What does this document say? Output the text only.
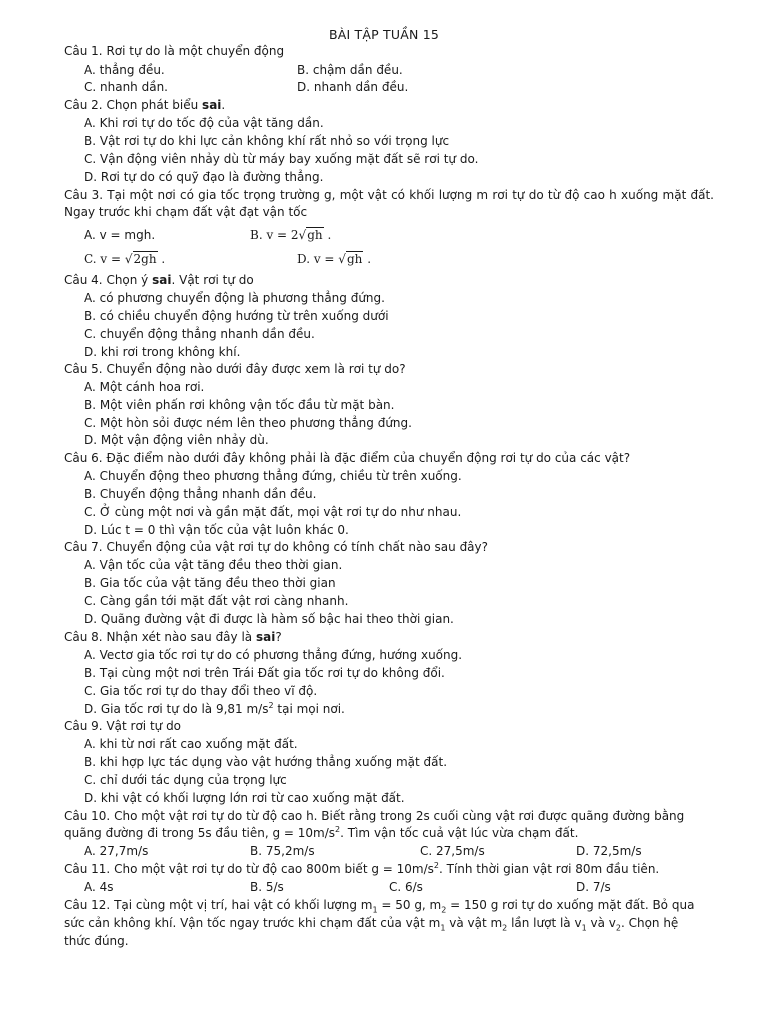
BÀI TẬP TUẦN 15
Câu 1. Rơi tự do là một chuyển động
A. thẳng đều.	B. chậm dần đều.
C. nhanh dần.	D. nhanh dần đều.
Câu 2. Chọn phát biểu sai.
A. Khi rơi tự do tốc độ của vật tăng dần.
B. Vật rơi tự do khi lực cản không khí rất nhỏ so với trọng lực
C. Vận động viên nhảy dù từ máy bay xuống mặt đất sẽ rơi tự do.
D. Rơi tự do có quỹ đạo là đường thẳng.
Câu 3. Tại một nơi có gia tốc trọng trường g, một vật có khối lượng m rơi tự do từ độ cao h xuống mặt đất. Ngay trước khi chạm đất vật đạt vận tốc
A. v = mgh.	B. v = 2√gh .
C. v = √2gh .	D. v = √gh .
Câu 4. Chọn ý sai. Vật rơi tự do
A. có phương chuyển động là phương thẳng đứng.
B. có chiều chuyển động hướng từ trên xuống dưới
C. chuyển động thẳng nhanh dần đều.
D. khi rơi trong không khí.
Câu 5. Chuyển động nào dưới đây được xem là rơi tự do?
A. Một cánh hoa rơi.
B. Một viên phấn rơi không vận tốc đầu từ mặt bàn.
C. Một hòn sỏi được ném lên theo phương thẳng đứng.
D. Một vận động viên nhảy dù.
Câu 6. Đặc điểm nào dưới đây không phải là đặc điểm của chuyển động rơi tự do của các vật?
A. Chuyển động theo phương thẳng đứng, chiều từ trên xuống.
B. Chuyển động thẳng nhanh dần đều.
C. Ở cùng một nơi và gần mặt đất, mọi vật rơi tự do như nhau.
D. Lúc t = 0 thì vận tốc của vật luôn khác 0.
Câu 7. Chuyển động của vật rơi tự do không có tính chất nào sau đây?
A. Vận tốc của vật tăng đều theo thời gian.
B. Gia tốc của vật tăng đều theo thời gian
C. Càng gần tới mặt đất vật rơi càng nhanh.
D. Quãng đường vật đi được là hàm số bậc hai theo thời gian.
Câu 8. Nhận xét nào sau đây là sai?
A. Vectơ gia tốc rơi tự do có phương thẳng đứng, hướng xuống.
B. Tại cùng một nơi trên Trái Đất gia tốc rơi tự do không đổi.
C. Gia tốc rơi tự do thay đổi theo vĩ độ.
D. Gia tốc rơi tự do là 9,81 $m/s^2$ tại mọi nơi.
Câu 9. Vật rơi tự do
A. khi từ nơi rất cao xuống mặt đất.
B. khi hợp lực tác dụng vào vật hướng thẳng xuống mặt đất.
C. chỉ dưới tác dụng của trọng lực
D. khi vật có khối lượng lớn rơi từ cao xuống mặt đất.
Câu 10. Cho một vật rơi tự do từ độ cao h. Biết rằng trong 2s cuối cùng vật rơi được quãng đường bằng
quãng đường đi trong 5s đầu tiên, $g = 10m/s^2$. Tìm vận tốc cuả vật lúc vừa chạm đất.
A. 27,7m/s	B. 75,2m/s	C. 27,5m/s	D. 72,5m/s
Câu 11. Cho một vật rơi tự do từ độ cao 800m biết $g = 10m/s^2$. Tính thời gian vật rơi 80m đầu tiên.
A. 4s	B. 5/s	C. 6/s	D. 7/s
Câu 12. Tại cùng một vị trí, hai vật có khối lượng $m_1 = 50$ g, $m_2 = 150$ g rơi tự do xuống mặt đất. Bỏ qua
sức cản không khí. Vận tốc ngay trước khi chạm đất của vật $m_1$ và vật $m_2$ lần lượt là $v_1$ và $v_2$. Chọn hệ
thức đúng.
